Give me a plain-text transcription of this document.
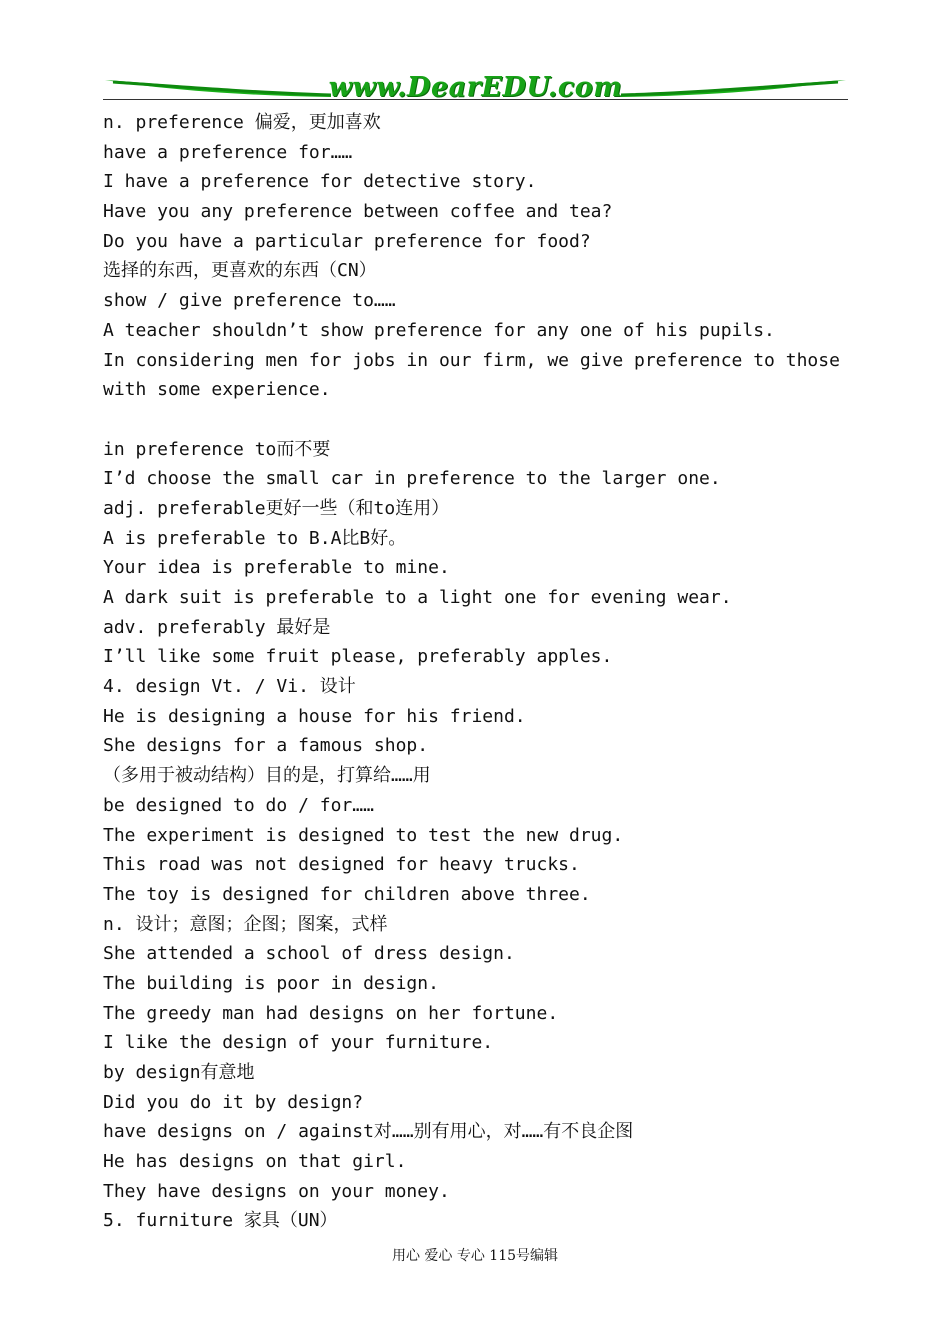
www.DearEDU.com
n. preference 偏爱，更加喜欢
have a preference for……
I have a preference for detective story.
Have you any preference between coffee and tea?
Do you have a particular preference for food?
选择的东西，更喜欢的东西（CN）
show / give preference to……
A teacher shouldn’t show preference for any one of his pupils.
In considering men for jobs in our firm, we give preference to those
with some experience.
in preference to而不要
I’d choose the small car in preference to the larger one.
adj. preferable更好一些（和to连用）
A is preferable to B.A比B好。
Your idea is preferable to mine.
A dark suit is preferable to a light one for evening wear.
adv. preferably 最好是
I’ll like some fruit please, preferably apples.
4. design Vt. / Vi. 设计
He is designing a house for his friend.
She designs for a famous shop.
（多用于被动结构）目的是，打算给……用
be designed to do / for……
The experiment is designed to test the new drug.
This road was not designed for heavy trucks.
The toy is designed for children above three.
n. 设计；意图；企图；图案，式样
She attended a school of dress design.
The building is poor in design.
The greedy man had designs on her fortune.
I like the design of your furniture.
by design有意地
Did you do it by design?
have designs on / against对……别有用心，对……有不良企图
He has designs on that girl.
They have designs on your money.
5. furniture 家具（UN）
用心 爱心 专心 115号编辑
